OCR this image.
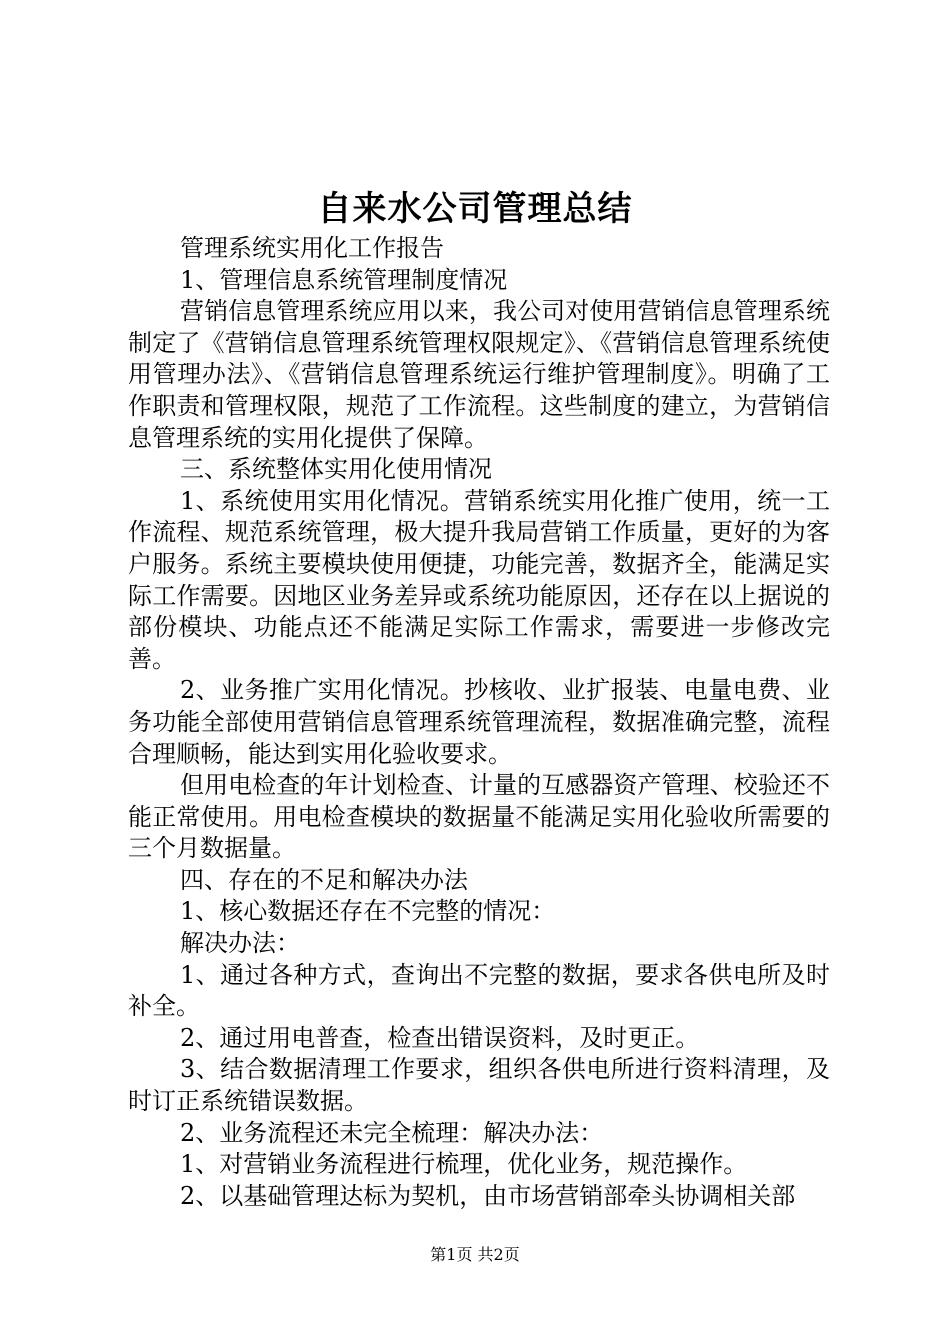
自来水公司管理总结

管理系统实用化工作报告

1、管理信息系统管理制度情况

营销信息管理系统应用以来，我公司对使用营销信息管理系统制定了《营销信息管理系统管理权限规定》、《营销信息管理系统使用管理办法》、《营销信息管理系统运行维护管理制度》。明确了工作职责和管理权限，规范了工作流程。这些制度的建立，为营销信息管理系统的实用化提供了保障。

三、系统整体实用化使用情况

1、系统使用实用化情况。营销系统实用化推广使用，统一工作流程、规范系统管理，极大提升我局营销工作质量，更好的为客户服务。系统主要模块使用便捷，功能完善，数据齐全，能满足实际工作需要。因地区业务差异或系统功能原因，还存在以上据说的部份模块、功能点还不能满足实际工作需求，需要进一步修改完善。

2、业务推广实用化情况。抄核收、业扩报装、电量电费、业务功能全部使用营销信息管理系统管理流程，数据准确完整，流程合理顺畅，能达到实用化验收要求。

但用电检查的年计划检查、计量的互感器资产管理、校验还不能正常使用。用电检查模块的数据量不能满足实用化验收所需要的三个月数据量。

四、存在的不足和解决办法

1、核心数据还存在不完整的情况：

解决办法：

1、通过各种方式，查询出不完整的数据，要求各供电所及时补全。

2、通过用电普查，检查出错误资料，及时更正。

3、结合数据清理工作要求，组织各供电所进行资料清理，及时订正系统错误数据。

2、业务流程还未完全梳理：解决办法：

1、对营销业务流程进行梳理，优化业务，规范操作。

2、以基础管理达标为契机，由市场营销部牵头协调相关部

第1页 共2页
